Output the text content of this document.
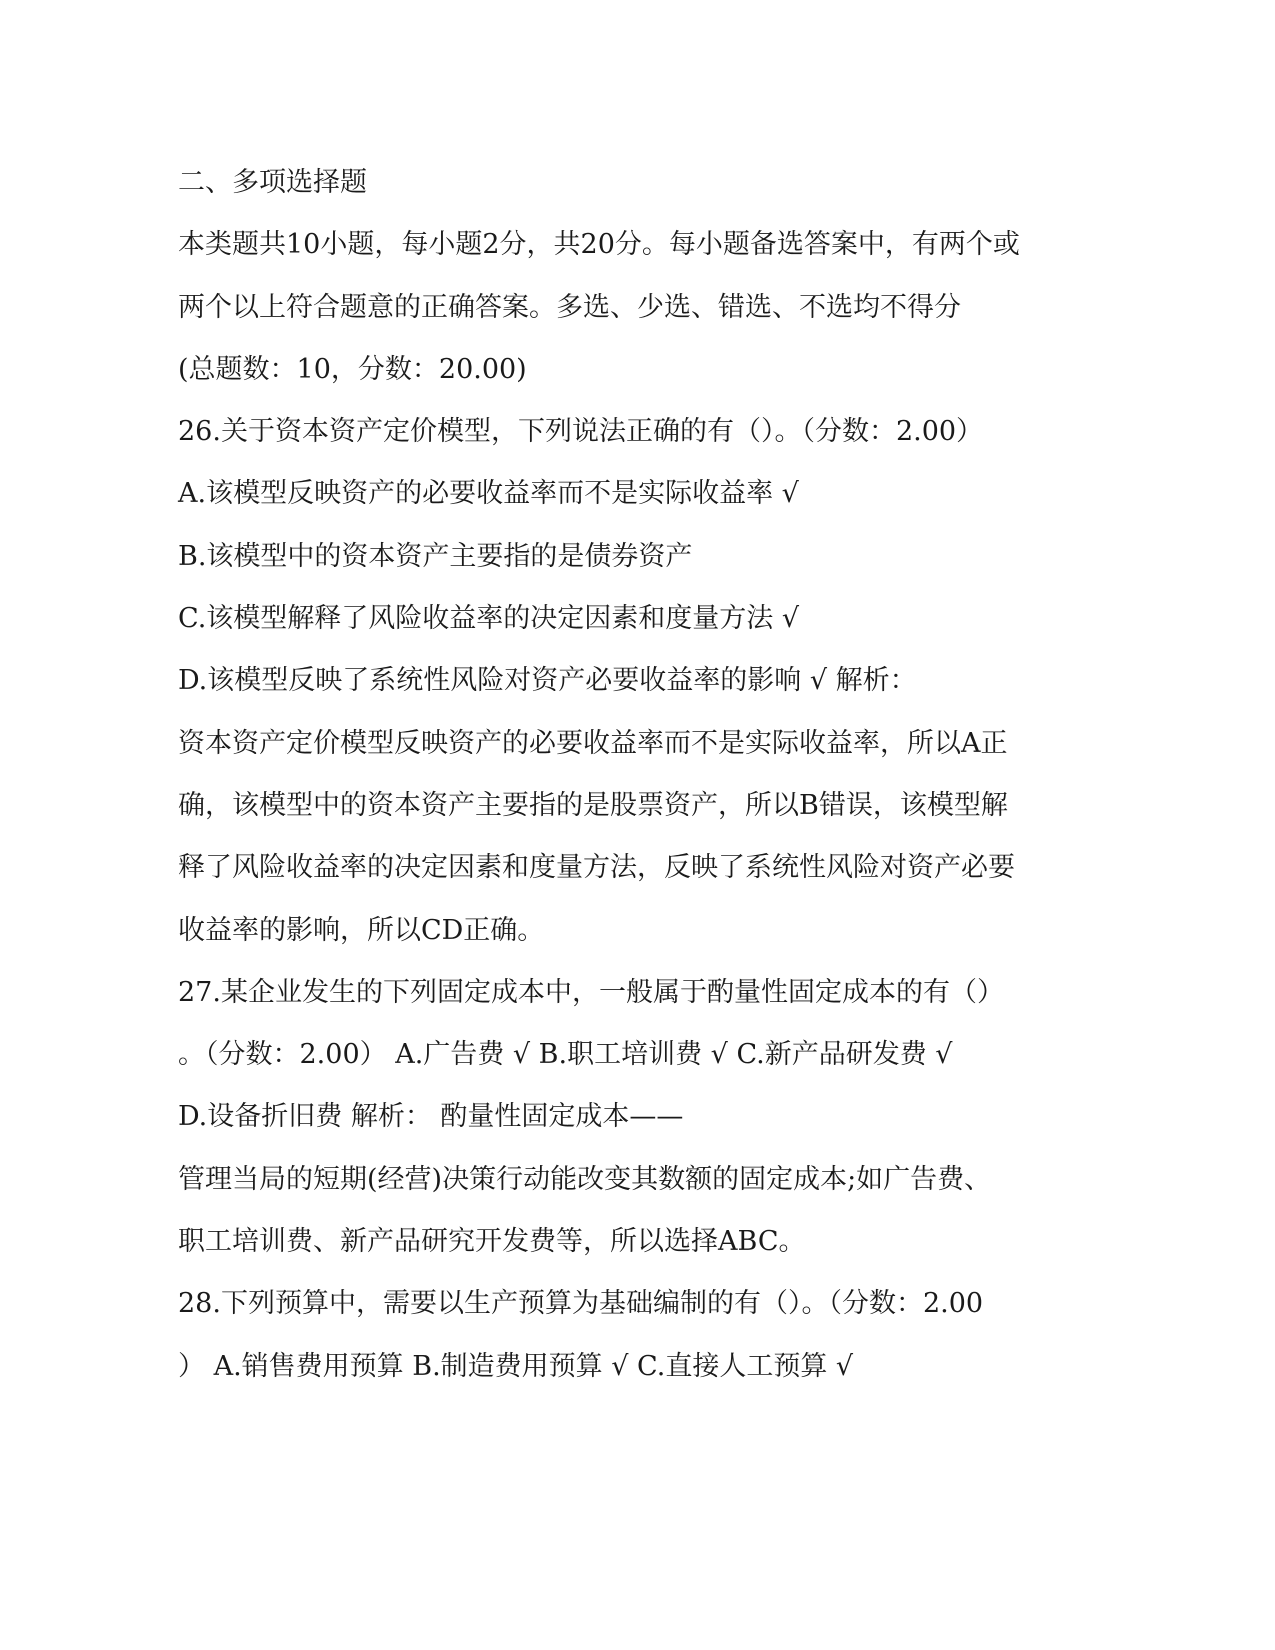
二、多项选择题
本类题共10小题，每小题2分，共20分。每小题备选答案中，有两个或
两个以上符合题意的正确答案。多选、少选、错选、不选均不得分
(总题数：10，分数：20.00)
26.关于资本资产定价模型，下列说法正确的有（）。（分数：2.00）
A.该模型反映资产的必要收益率而不是实际收益率 √
B.该模型中的资本资产主要指的是债券资产
C.该模型解释了风险收益率的决定因素和度量方法 √
D.该模型反映了系统性风险对资产必要收益率的影响 √ 解析：
资本资产定价模型反映资产的必要收益率而不是实际收益率，所以A正
确，该模型中的资本资产主要指的是股票资产，所以B错误，该模型解
释了风险收益率的决定因素和度量方法，反映了系统性风险对资产必要
收益率的影响，所以CD正确。
27.某企业发生的下列固定成本中，一般属于酌量性固定成本的有（）
。（分数：2.00） A.广告费 √ B.职工培训费 √ C.新产品研发费 √
D.设备折旧费 解析： 酌量性固定成本——
管理当局的短期(经营)决策行动能改变其数额的固定成本;如广告费、
职工培训费、新产品研究开发费等，所以选择ABC。
28.下列预算中，需要以生产预算为基础编制的有（）。（分数：2.00
） A.销售费用预算 B.制造费用预算 √ C.直接人工预算 √
